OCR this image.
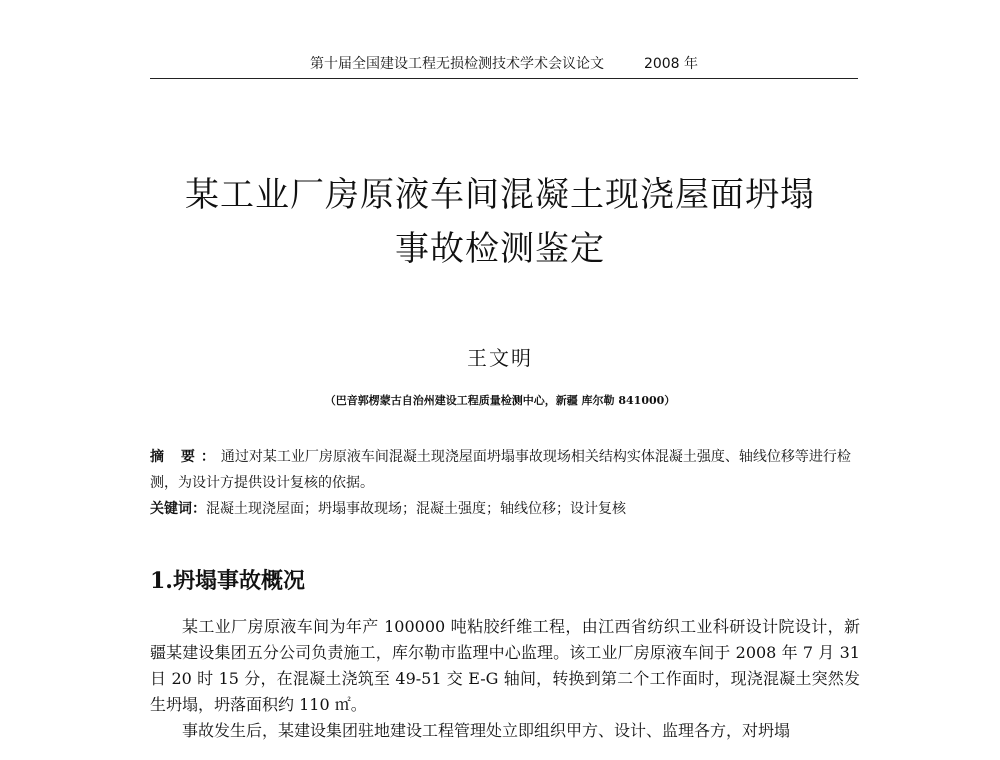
第十届全国建设工程无损检测技术学术会议论文	2008 年
某工业厂房原液车间混凝土现浇屋面坍塌
事故检测鉴定
王文明
（巴音郭楞蒙古自治州建设工程质量检测中心，新疆 库尔勒 841000）

摘 要：通过对某工业厂房原液车间混凝土现浇屋面坍塌事故现场相关结构实体混凝土强度、轴线位移等进行检测，为设计方提供设计复核的依据。

关键词：混凝土现浇屋面；坍塌事故现场；混凝土强度；轴线位移；设计复核

1.坍塌事故概况

某工业厂房原液车间为年产 100000 吨粘胶纤维工程，由江西省纺织工业科研设计院设计，新疆某建设集团五分公司负责施工，库尔勒市监理中心监理。该工业厂房原液车间于 2008 年 7 月 31 日 20 时 15 分，在混凝土浇筑至 49-51 交 E-G 轴间，转换到第二个工作面时，现浇混凝土突然发生坍塌，坍落面积约 110 ㎡。

事故发生后，某建设集团驻地建设工程管理处立即组织甲方、设计、监理各方，对坍塌
